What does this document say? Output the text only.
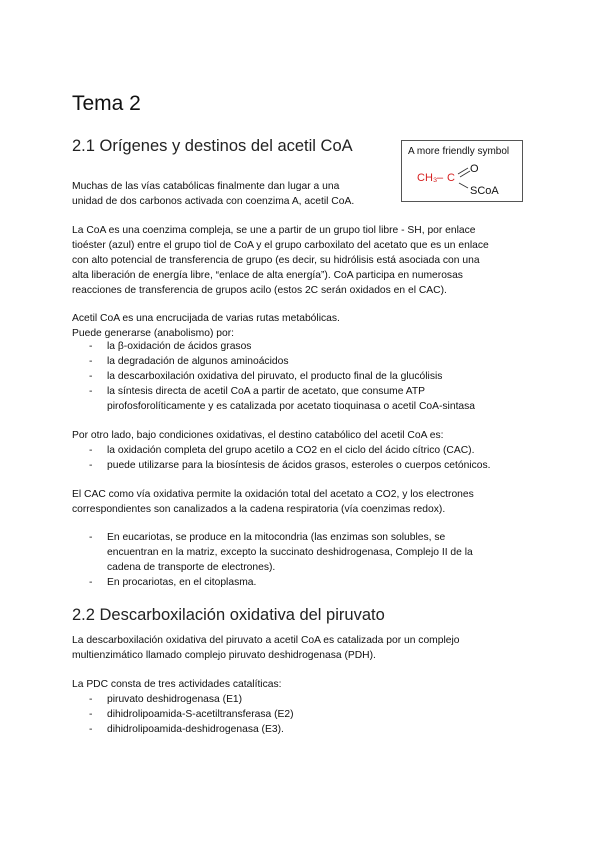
Tema 2
2.1 Orígenes y destinos del acetil CoA	A more friendly symbol
CH₃ – C
O
SCoA

Muchas de las vías catabólicas finalmente dan lugar a una
unidad de dos carbonos activada con coenzima A, acetil CoA.

La CoA es una coenzima compleja, se une a partir de un grupo tiol libre - SH, por enlace
tioéster (azul) entre el grupo tiol de CoA y el grupo carboxilato del acetato que es un enlace
con alto potencial de transferencia de grupo (es decir, su hidrólisis está asociada con una
alta liberación de energía libre, “enlace de alta energía”). CoA participa en numerosas
reacciones de transferencia de grupos acilo (estos 2C serán oxidados en el CAC).

Acetil CoA es una encrucijada de varias rutas metabólicas.
Puede generarse (anabolismo) por:

- la β-oxidación de ácidos grasos
- la degradación de algunos aminoácidos
- la descarboxilación oxidativa del piruvato, el producto final de la glucólisis
- la síntesis directa de acetil CoA a partir de acetato, que consume ATP
pirofosforolíticamente y es catalizada por acetato tioquinasa o acetil CoA-sintasa

Por otro lado, bajo condiciones oxidativas, el destino catabólico del acetil CoA es:

- la oxidación completa del grupo acetilo a CO2 en el ciclo del ácido cítrico (CAC).
- puede utilizarse para la biosíntesis de ácidos grasos, esteroles o cuerpos cetónicos.

El CAC como vía oxidativa permite la oxidación total del acetato a CO2, y los electrones
correspondientes son canalizados a la cadena respiratoria (vía coenzimas redox).

- En eucariotas, se produce en la mitocondria (las enzimas son solubles, se
encuentran en la matriz, excepto la succinato deshidrogenasa, Complejo II de la
cadena de transporte de electrones).
- En procariotas, en el citoplasma.
2.2 Descarboxilación oxidativa del piruvato

La descarboxilación oxidativa del piruvato a acetil CoA es catalizada por un complejo
multienzimático llamado complejo piruvato deshidrogenasa (PDH).

La PDC consta de tres actividades catalíticas:

- piruvato deshidrogenasa (E1)
- dihidrolipoamida-S-acetiltransferasa (E2)
- dihidrolipoamida-deshidrogenasa (E3).
